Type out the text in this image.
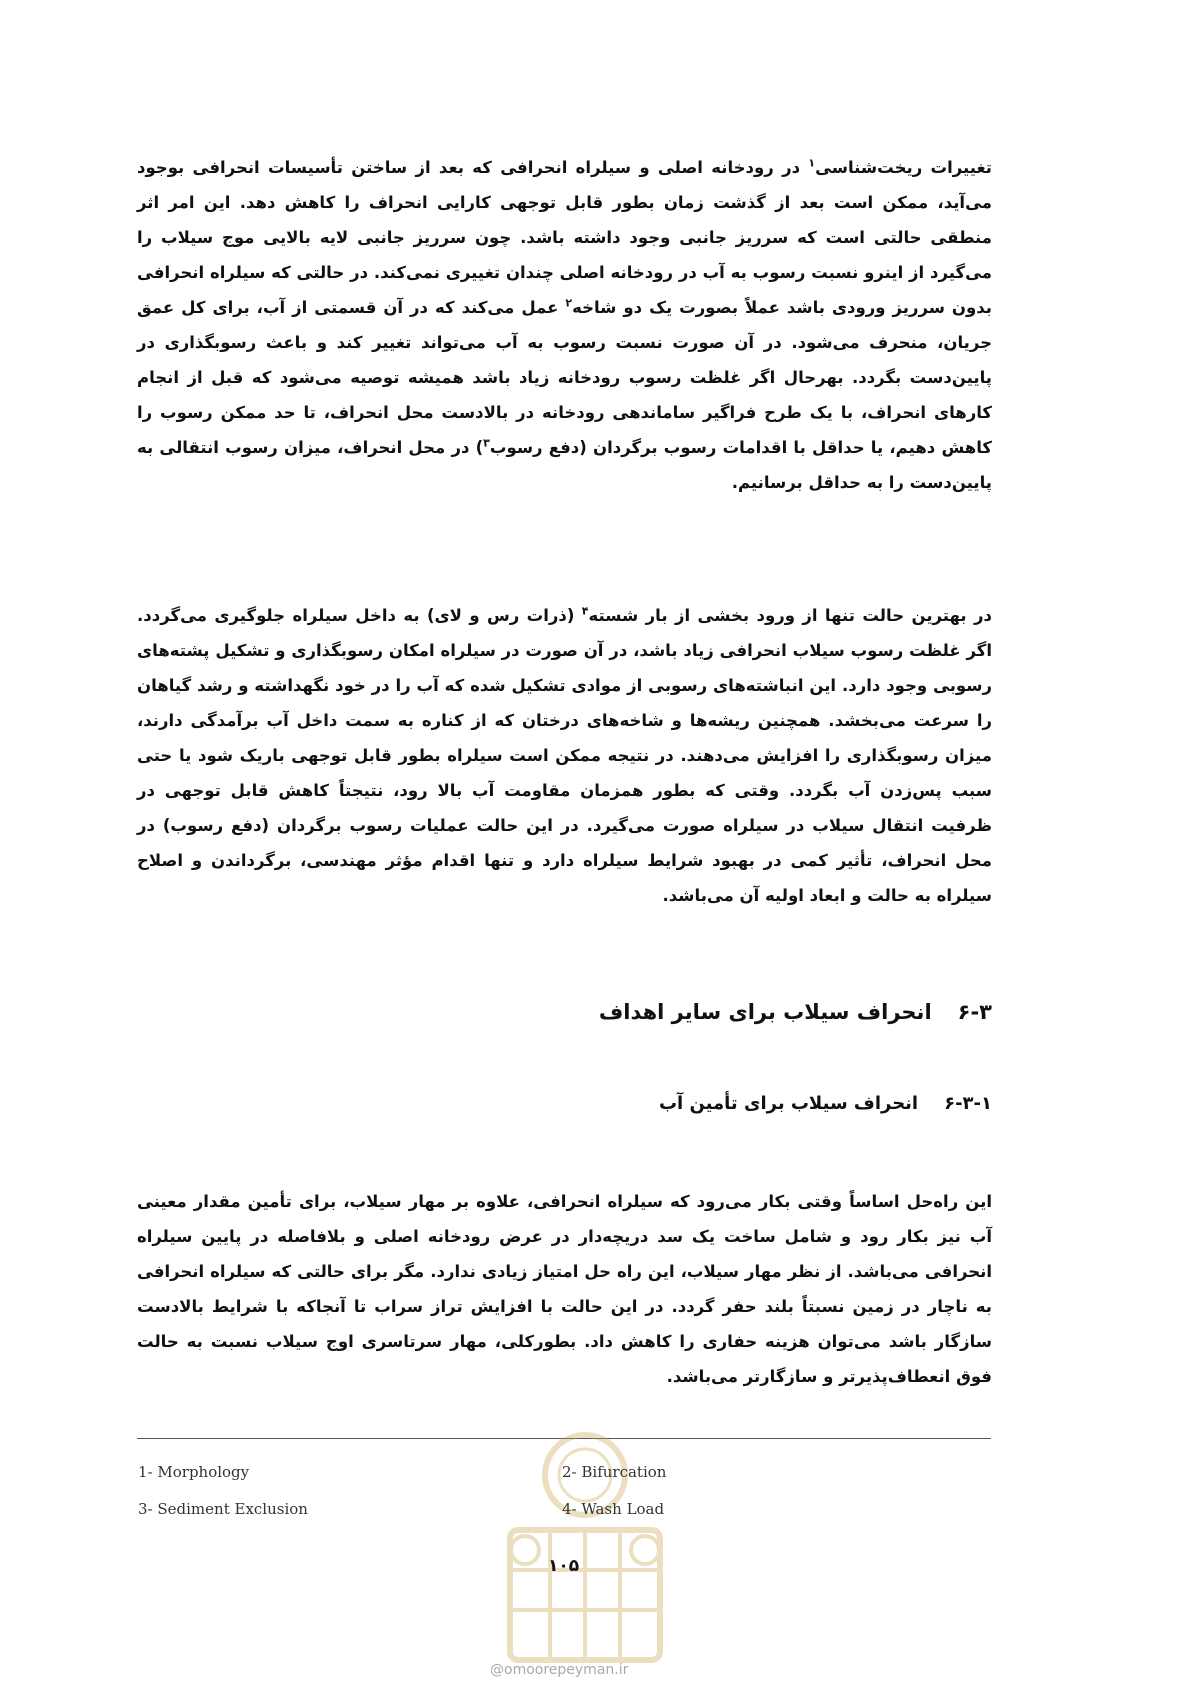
تغییرات ریخت‌شناسی$^۱$ در رودخانه اصلی و سیلراه انحرافی که بعد از ساختن تأسیسات انحرافی بوجود می‌آید، ممکن است بعد از گذشت زمان بطور قابل توجهی کارایی انحراف را کاهش دهد. این امر اثر منطقی حالتی است که سرریز جانبی وجود داشته باشد. چون سرریز جانبی لایه بالایی موج سیلاب را می‌گیرد از اینرو نسبت رسوب به آب در رودخانه اصلی چندان تغییری نمی‌کند. در حالتی که سیلراه انحرافی بدون سرریز ورودی باشد عملاً بصورت یک دو شاخه$^۲$ عمل می‌کند که در آن قسمتی از آب، برای کل عمق جریان، منحرف می‌شود. در آن صورت نسبت رسوب به آب می‌تواند تغییر کند و باعث رسوبگذاری در پایین‌دست بگردد. بهرحال اگر غلظت رسوب رودخانه زیاد باشد همیشه توصیه می‌شود که قبل از انجام کارهای انحراف، با یک طرح فراگیر ساماندهی رودخانه در بالادست محل انحراف، تا حد ممکن رسوب را کاهش دهیم، یا حداقل با اقدامات رسوب برگردان (دفع رسوب$^۳$) در محل انحراف، میزان رسوب انتقالی به پایین‌دست را به حداقل برسانیم.
در بهترین حالت تنها از ورود بخشی از بار شسته$^۴$ (ذرات رس و لای) به داخل سیلراه جلوگیری می‌گردد. اگر غلظت رسوب سیلاب انحرافی زیاد باشد، در آن صورت در سیلراه امکان رسوبگذاری و تشکیل پشته‌های رسوبی وجود دارد. این انباشته‌های رسوبی از موادی تشکیل شده که آب را در خود نگهداشته و رشد گیاهان را سرعت می‌بخشد. همچنین ریشه‌ها و شاخه‌های درختان که از کناره به سمت داخل آب برآمدگی دارند، میزان رسوبگذاری را افزایش می‌دهند. در نتیجه ممکن است سیلراه بطور قابل توجهی باریک شود یا حتی سبب پس‌زدن آب بگردد. وقتی که بطور همزمان مقاومت آب بالا رود، نتیجتاً کاهش قابل توجهی در ظرفیت انتقال سیلاب در سیلراه صورت می‌گیرد. در این حالت عملیات رسوب برگردان (دفع رسوب) در محل انحراف، تأثیر کمی در بهبود شرایط سیلراه دارد و تنها اقدام مؤثر مهندسی، برگرداندن و اصلاح سیلراه به حالت و ابعاد اولیه آن می‌باشد.
۶-۳انحراف سیلاب برای سایر اهداف
۶-۳-۱انحراف سیلاب برای تأمین آب
این راه‌حل اساساً وقتی بکار می‌رود که سیلراه انحرافی، علاوه بر مهار سیلاب، برای تأمین مقدار معینی آب نیز بکار رود و شامل ساخت یک سد دریچه‌دار در عرض رودخانه اصلی و بلافاصله در پایین سیلراه انحرافی می‌باشد. از نظر مهار سیلاب، این راه حل امتیاز زیادی ندارد. مگر برای حالتی که سیلراه انحرافی به ناچار در زمین نسبتاً بلند حفر گردد. در این حالت با افزایش تراز سراب تا آنجاکه با شرایط بالادست سازگار باشد می‌توان هزینه حفاری را کاهش داد. بطورکلی، مهار سرتاسری اوج سیلاب نسبت به حالت فوق انعطاف‌پذیرتر و سازگارتر می‌باشد.
1- Morphology	2- Bifurcation
3- Sediment Exclusion	4- Wash Load
۱۰۵
@omoorepeyman.ir
